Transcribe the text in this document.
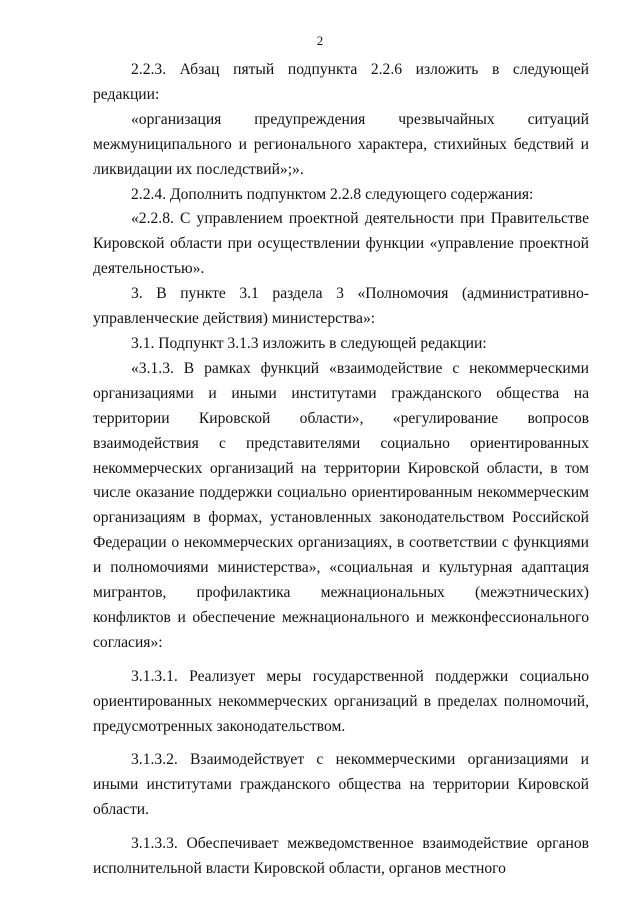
2

2.2.3. Абзац пятый подпункта 2.2.6 изложить в следующей редакции:

«организация предупреждения чрезвычайных ситуаций межмуниципального и регионального характера, стихийных бедствий и ликвидации их последствий»;».

2.2.4. Дополнить подпунктом 2.2.8 следующего содержания:

«2.2.8. С управлением проектной деятельности при Правительстве Кировской области при осуществлении функции «управление проектной деятельностью».

3. В пункте 3.1 раздела 3 «Полномочия (административно-управленческие действия) министерства»:

3.1. Подпункт 3.1.3 изложить в следующей редакции:

«3.1.3. В рамках функций «взаимодействие с некоммерческими организациями и иными институтами гражданского общества на территории Кировской области», «регулирование вопросов взаимодействия с представителями социально ориентированных некоммерческих организаций на территории Кировской области, в том числе оказание поддержки социально ориентированным некоммерческим организациям в формах, установленных законодательством Российской Федерации о некоммерческих организациях, в соответствии с функциями и полномочиями министерства», «социальная и культурная адаптация мигрантов, профилактика межнациональных (межэтнических) конфликтов и обеспечение межнационального и межконфессионального согласия»:

3.1.3.1. Реализует меры государственной поддержки социально ориентированных некоммерческих организаций в пределах полномочий, предусмотренных законодательством.

3.1.3.2. Взаимодействует с некоммерческими организациями и иными институтами гражданского общества на территории Кировской области.

3.1.3.3. Обеспечивает межведомственное взаимодействие органов исполнительной власти Кировской области, органов местного
